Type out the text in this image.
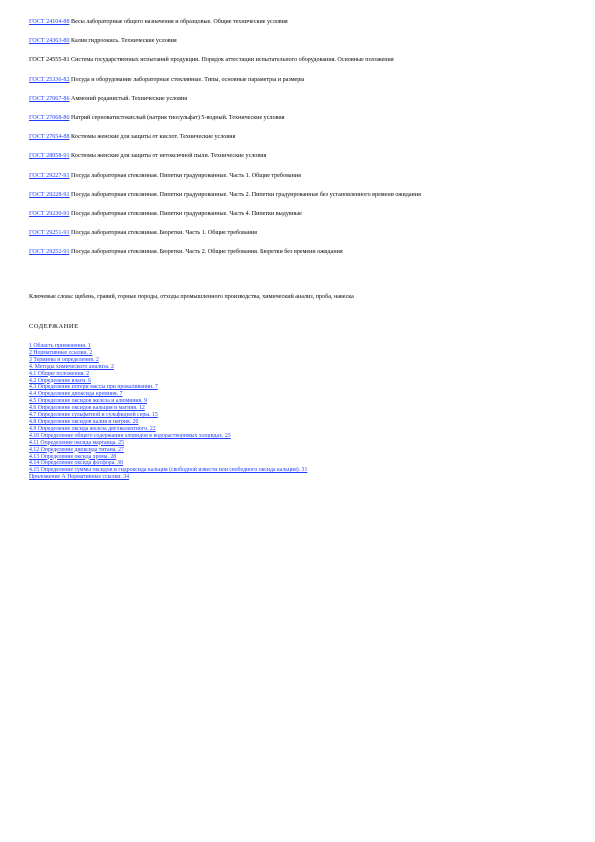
ГОСТ 24104-88 Весы лабораторные общего назначения и образцовые. Общие технические условия
ГОСТ 24363-80 Калия гидроокись. Технические условия
ГОСТ 24555-81 Система государственных испытаний продукции. Порядок аттестации испытательного оборудования. Основные положения
ГОСТ 25336-82 Посуда и оборудование лабораторные стеклянные. Типы, основные параметры и размеры
ГОСТ 27067-86 Аммоний роданистый. Технические условия
ГОСТ 27068-86 Натрий серноватистокислый (натрия тиосульфат) 5-водный. Технические условия
ГОСТ 27654-88 Костюмы женские для защиты от кислот. Технические условия
ГОСТ 28058-91 Костюмы женские для защиты от нетоксичной пыли. Технические условия
ГОСТ 29227-91 Посуда лабораторная стеклянная. Пипетки градуированные. Часть 1. Общие требования
ГОСТ 29228-91 Посуда лабораторная стеклянная. Пипетки градуированные. Часть 2. Пипетки градуированные без установленного времени ожидания
ГОСТ 29230-91 Посуда лабораторная стеклянная. Пипетки градуированные. Часть 4. Пипетки выдувные
ГОСТ 29251-91 Посуда лабораторная стеклянная. Бюретки. Часть 1. Общие требования
ГОСТ 29252-91 Посуда лабораторная стеклянная. Бюретки. Часть 2. Общие требования. Бюретки без времени ожидания
Ключевые слова: щебень, гравий, горные породы, отходы промышленного производства, химический анализ, проба, навеска
СОДЕРЖАНИЕ
1 Область применения. 1
2 Нормативные ссылки. 2
3 Термины и определения. 2
4. Методы химического анализа. 2
4.1 Общие положения. 2
4.2 Определение влаги. 6
4.3 Определение потери массы при прокаливании. 7
4.4 Определение диоксида кремния. 7
4.5 Определение оксидов железа и алюминия. 9
4.6 Определение оксидов кальция и магния. 12
4.7 Определение сульфатной и сульфидной серы. 15
4.8 Определение оксидов калия и натрия. 20
4.9 Определение оксида железа двухвалентного. 22
4.10 Определение общего содержания хлоридов в водорастворимых хлоридах. 23
4.11 Определение оксида марганца. 25
4.12 Определение диоксида титана. 27
4.13 Определение оксида хрома. 28
4.14 Определение оксида фосфора. 30
4.15 Определение суммы оксидов и гидроксида кальция (свободной извести или свободного оксида кальция). 31
Приложение А Нормативные ссылки. 34
